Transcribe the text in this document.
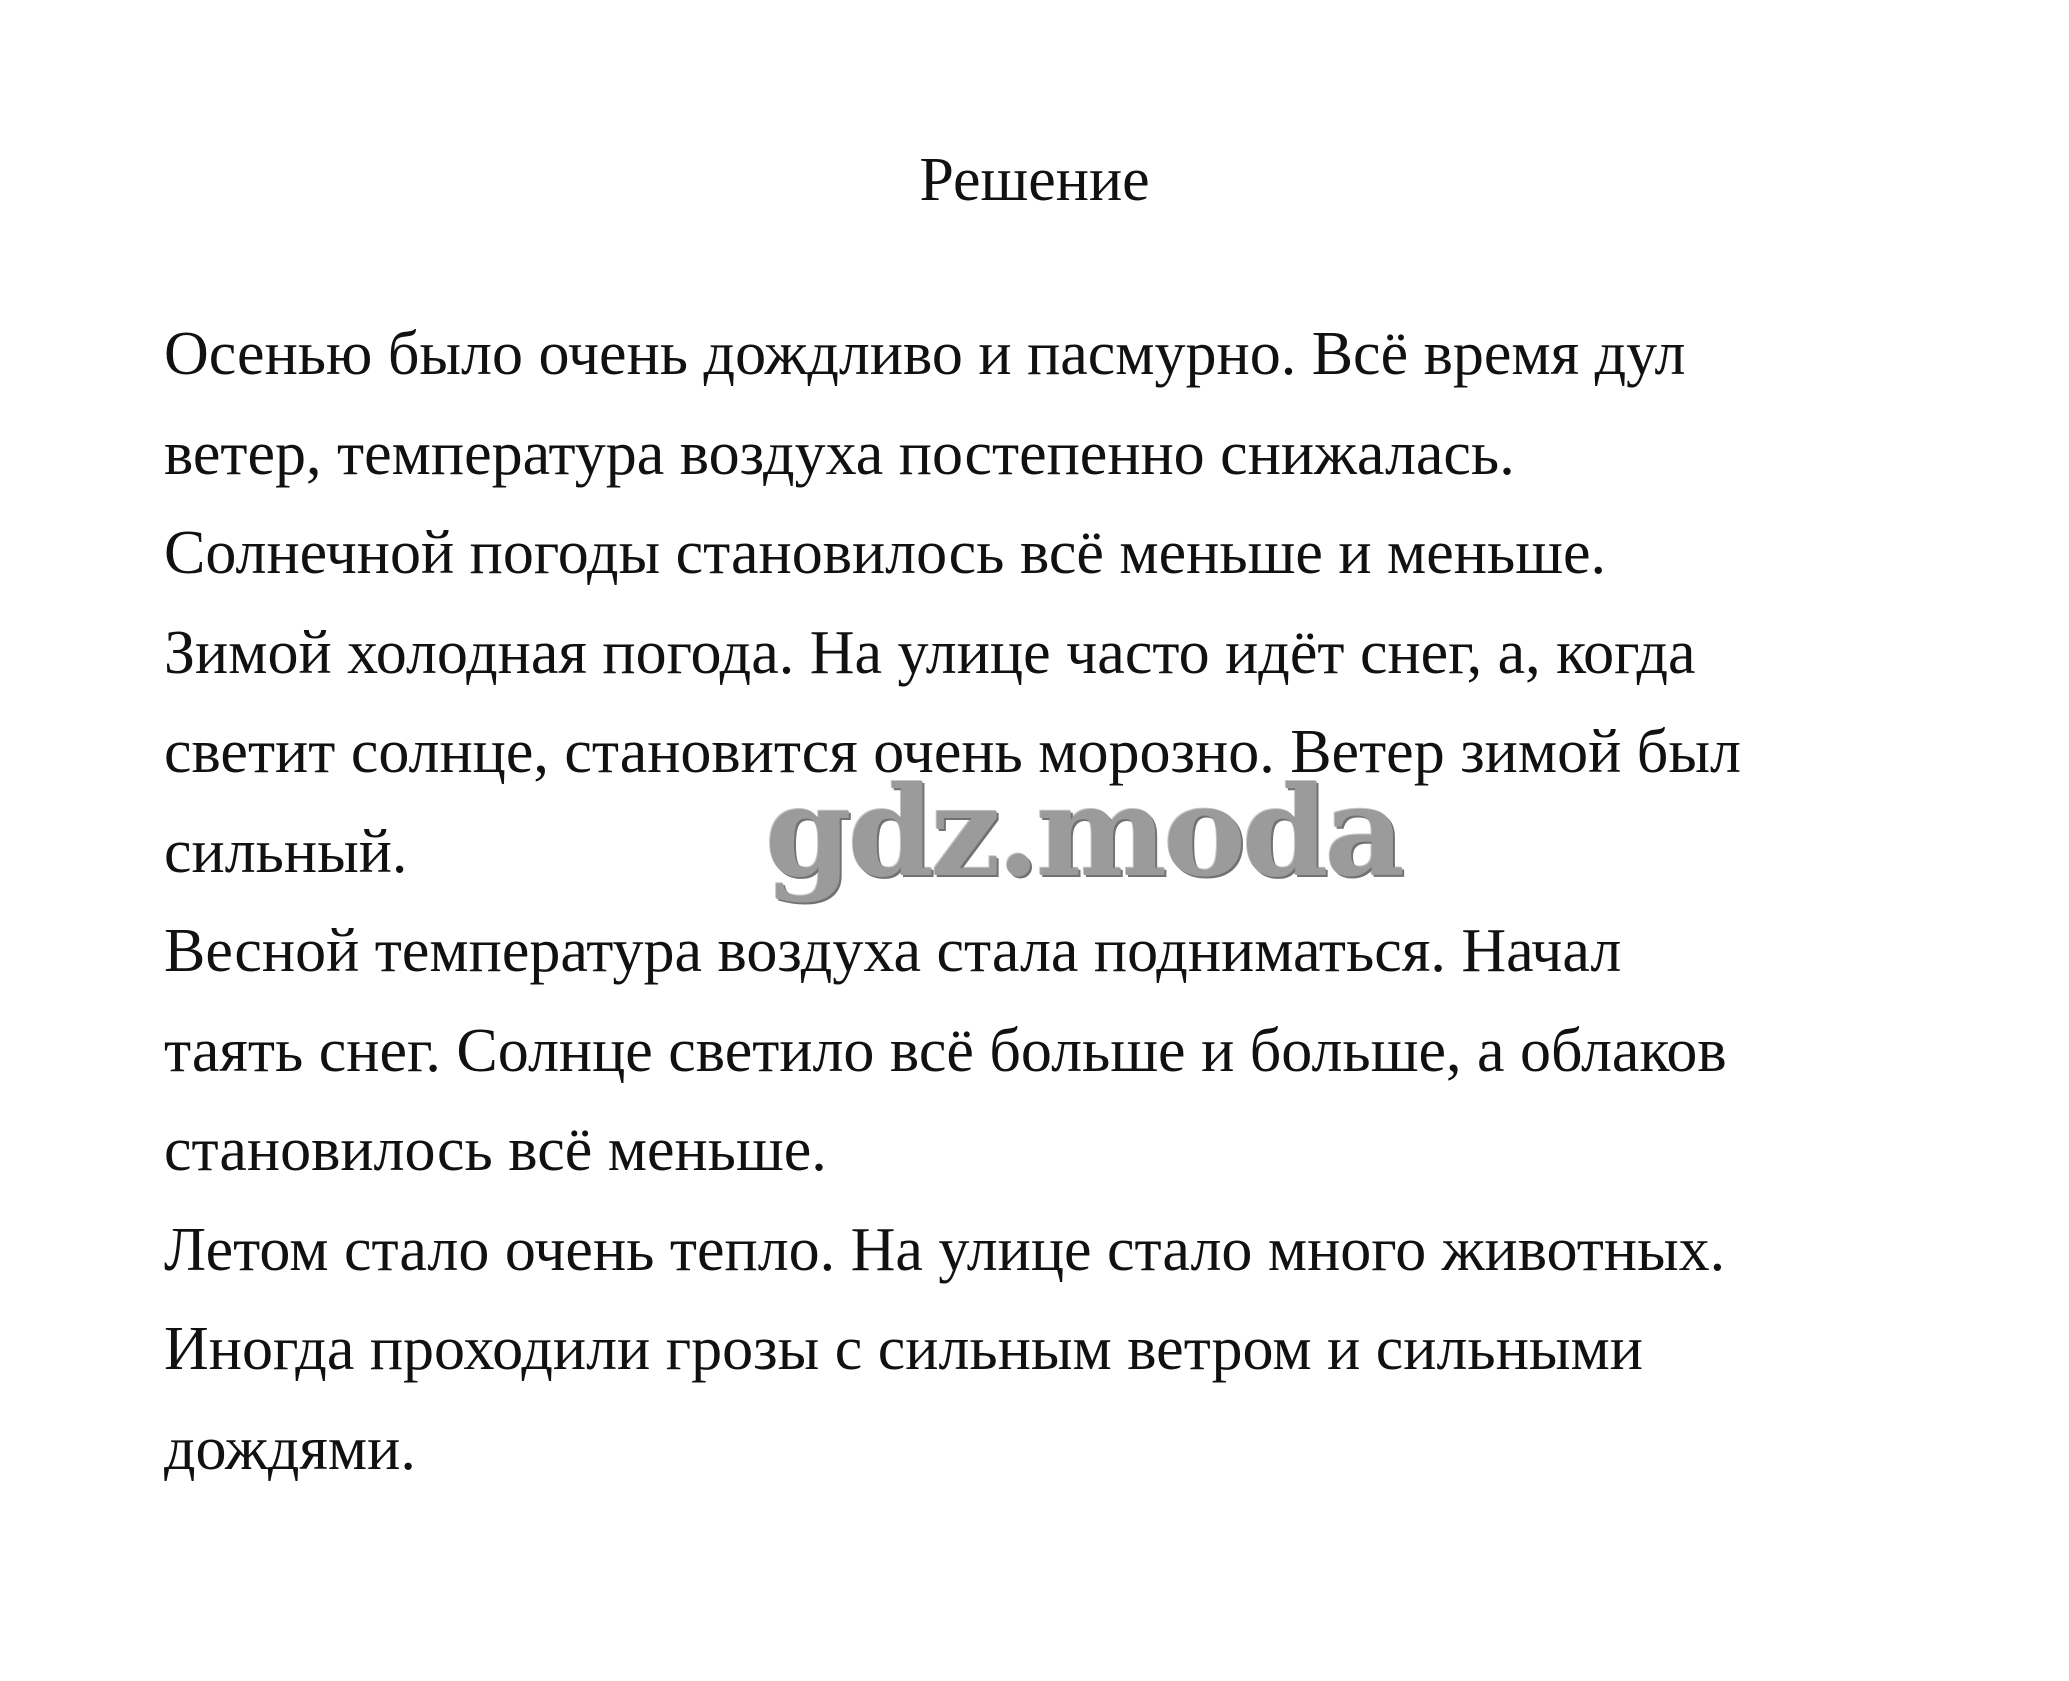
Решение

Осенью было очень дождливо и пасмурно. Всё время дул

ветер, температура воздуха постепенно снижалась.

Солнечной погоды становилось всё меньше и меньше.

Зимой холодная погода. На улице часто идёт снег, а, когда

светит солнце, становится очень морозно. Ветер зимой был

сильный.

Весной температура воздуха стала подниматься. Начал

таять снег. Солнце светило всё больше и больше, а облаков

становилось всё меньше.

Летом стало очень тепло. На улице стало много животных.

Иногда проходили грозы с сильным ветром и сильными

дождями.

gdz.moda
